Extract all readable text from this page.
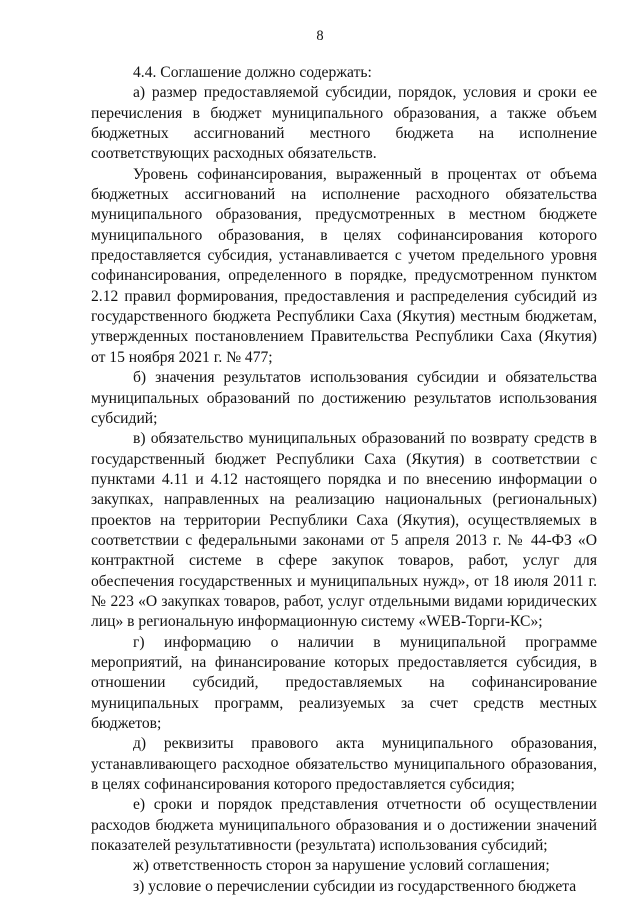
8

4.4. Соглашение должно содержать:

а) размер предоставляемой субсидии, порядок, условия и сроки ее перечисления в бюджет муниципального образования, а также объем бюджетных ассигнований местного бюджета на исполнение соответствующих расходных обязательств.

Уровень софинансирования, выраженный в процентах от объема бюджетных ассигнований на исполнение расходного обязательства муниципального образования, предусмотренных в местном бюджете муниципального образования, в целях софинансирования которого предоставляется субсидия, устанавливается с учетом предельного уровня софинансирования, определенного в порядке, предусмотренном пунктом 2.12 правил формирования, предоставления и распределения субсидий из государственного бюджета Республики Саха (Якутия) местным бюджетам, утвержденных постановлением Правительства Республики Саха (Якутия) от 15 ноября 2021 г. № 477;

б) значения результатов использования субсидии и обязательства муниципальных образований по достижению результатов использования субсидий;

в) обязательство муниципальных образований по возврату средств в государственный бюджет Республики Саха (Якутия) в соответствии с пунктами 4.11 и 4.12 настоящего порядка и по внесению информации о закупках, направленных на реализацию национальных (региональных) проектов на территории Республики Саха (Якутия), осуществляемых в соответствии с федеральными законами от 5 апреля 2013 г. № 44-ФЗ «О контрактной системе в сфере закупок товаров, работ, услуг для обеспечения государственных и муниципальных нужд», от 18 июля 2011 г. № 223 «О закупках товаров, работ, услуг отдельными видами юридических лиц» в региональную информационную систему «WEB-Торги-КС»;

г) информацию о наличии в муниципальной программе мероприятий, на финансирование которых предоставляется субсидия, в отношении субсидий, предоставляемых на софинансирование муниципальных программ, реализуемых за счет средств местных бюджетов;

д) реквизиты правового акта муниципального образования, устанавливающего расходное обязательство муниципального образования, в целях софинансирования которого предоставляется субсидия;

е) сроки и порядок представления отчетности об осуществлении расходов бюджета муниципального образования и о достижении значений показателей результативности (результата) использования субсидий;

ж) ответственность сторон за нарушение условий соглашения;

з) условие о перечислении субсидии из государственного бюджета
